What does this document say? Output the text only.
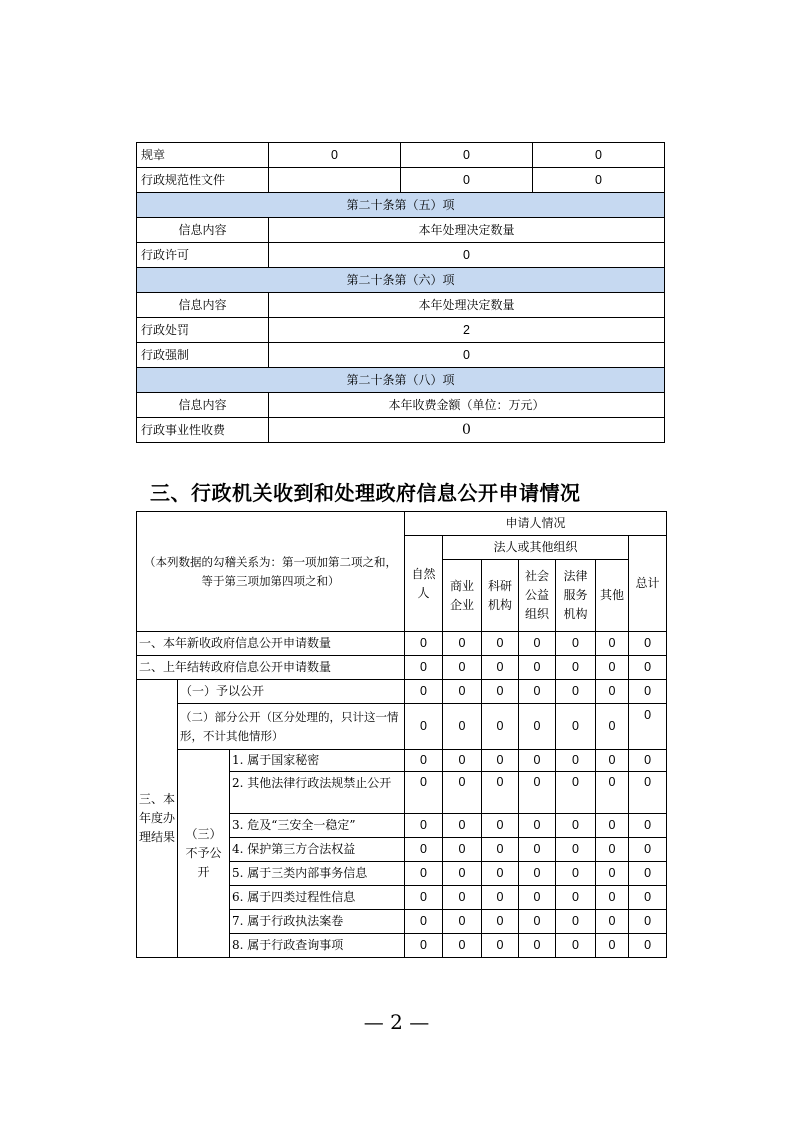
规章	0	0	0
行政规范性文件		0	0
第二十条第（五）项			
信息内容	本年处理决定数量		
行政许可	0		
第二十条第（六）项			
信息内容	本年处理决定数量		
行政处罚	2		
行政强制	0		
第二十条第（八）项			
信息内容	本年收费金额（单位：万元）		
行政事业性收费	0		
三、行政机关收到和处理政府信息公开申请情况
（本列数据的勾稽关系为：第一项加第二项之和，等于第三项加第四项之和）			申请人情况						
			自然人	法人或其他组织					总计
				商业企业	科研机构	社会公益组织	法律服务机构	其他	

一、本年新收政府信息公开申请数量			0	0	0	0	0	0	0
二、上年结转政府信息公开申请数量			0	0	0	0	0	0	0
三、本年度办理结果	（一）予以公开		0	0	0	0	0	0	0
	（二）部分公开（区分处理的，只计这一情形，不计其他情形）		0	0	0	0	0	0	0
	（三）不予公开	1. 属于国家秘密	0	0	0	0	0	0	0
		2. 其他法律行政法规禁止公开	0	0	0	0	0	0	0
		3. 危及“三安全一稳定”	0	0	0	0	0	0	0
		4. 保护第三方合法权益	0	0	0	0	0	0	0
		5. 属于三类内部事务信息	0	0	0	0	0	0	0
		6. 属于四类过程性信息	0	0	0	0	0	0	0
		7. 属于行政执法案卷	0	0	0	0	0	0	0
		8. 属于行政查询事项	0	0	0	0	0	0	0
— 2 —
